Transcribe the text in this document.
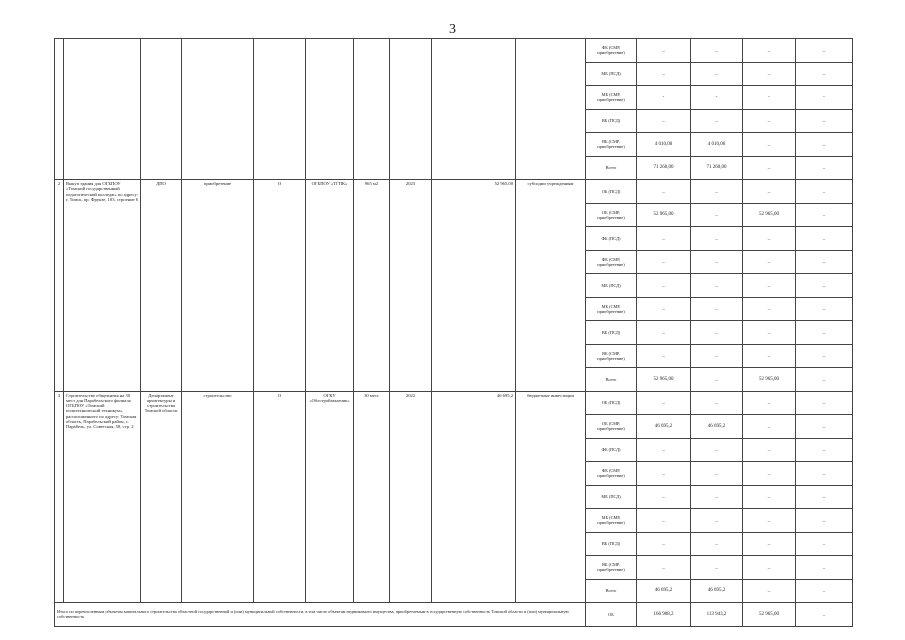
3
										ФБ (СМР, приобретение)	_	_	_	_
										МБ (ПСД)	_	_	_	_
										МБ (СМР, приобретение)	-	-	-	-
										ВБ (ПСД)	_	_	_	_
										ВБ (СМР, приобретение)	4 010,00	4 010,00	_	_
										Всего	71 260,00	71 260,00	_	_
2	Выкуп здания для ОГБПОУ «Томский государственный педагогический колледж» по адресу: г. Томск, пр. Фрунзе, 103, строение 6	ДПО	приобретение	О	ОГБПОУ «ТГПК»	965 м2	2023	52 965,00	субсидии учреждениям	ОБ (ПСД)	_	_	_	_
										ОБ (СМР, приобретение)	52 965,00	_	52 965,00	_
										ФБ (ПСД)	_	_	_	_
										ФБ (СМР, приобретение)	_	_	_	_
										МБ (ПСД)	_	_	_	_
										МБ (СМР, приобретение)	_	_	_	_
										ВБ (ПСД)	_	_	_	_
										ВБ (СМР, приобретение)	_	_	_	_
										Всего	52 965,00	_	52 965,00	_
3	Строительство общежития на 30 мест для Парабельского филиала ОГБПОУ «Томский политехнический техникум», расположенного по адресу: Томская область, Парабельский район, с. Парабель, ул. Советская, 58, стр. 2	Департамент архитектуры и строительства Томской области	строительство	О	ОГКУ «Облстройзаказчик»	30 мест	2022	46 695,2	бюджетные инвестиции	ОБ (ПСД)	_	_	_	_
										ОБ (СМР, приобретение)	46 695,2	46 695,2	_	_
										ФБ (ПСД)	_	_	_	_
										ФБ (СМР, приобретение)	_	_	_	_
										МБ (ПСД)	_	_	_	_
										МБ (СМР, приобретение)	_	_	_	_
										ВБ (ПСД)	_	_	_	_
										ВБ (СМР, приобретение)	_	_	_	_
										Всего	46 695,2	46 695,2	_	_
Итого по перечисленным объектам капитального строительства областной государственной и (или) муниципальной собственности, в том числе объектам недвижимого имущества, приобретаемым в государственную собственность Томской области и (или) муниципальную собственность										ОБ	166 908,2	113 943,2	52 965,00	_
